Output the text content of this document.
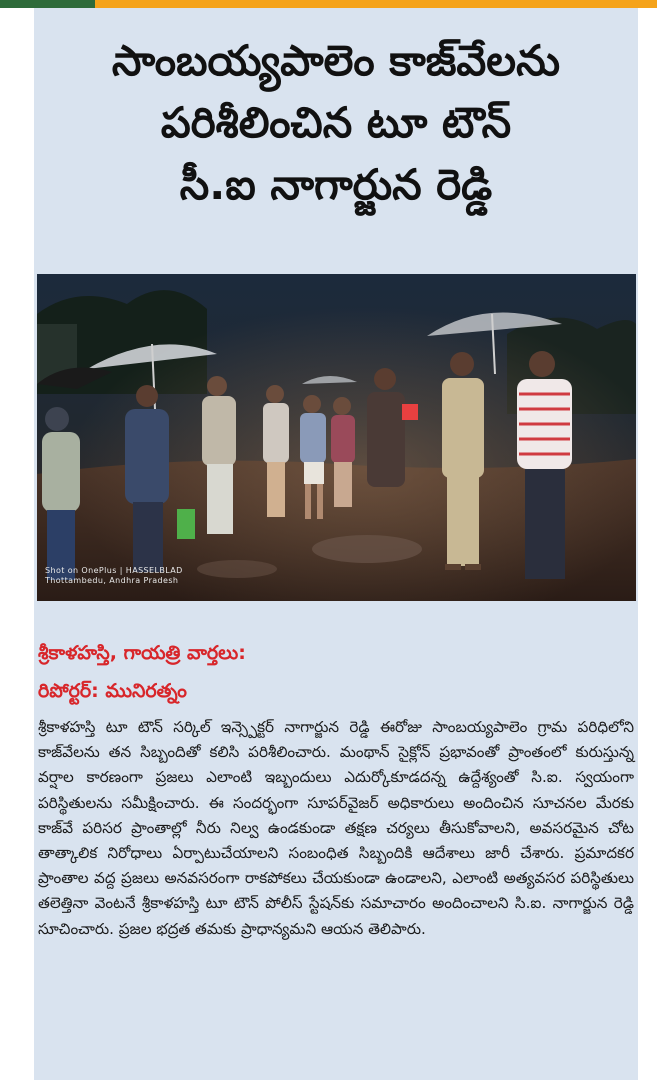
సాంబయ్యపాలెం కాజ్‌వేలను
పరిశీలించిన టూ టౌన్
సీ.ఐ నాగార్జున రెడ్డి
Shot on OnePlus | HASSELBLAD
Thottambedu, Andhra Pradesh
శ్రీకాళహస్తి, గాయత్రి వార్తలు:
రిపోర్టర్: మునిరత్నం

శ్రీకాళహస్తి టూ టౌన్ సర్కిల్ ఇన్స్పెక్టర్ నాగార్జున రెడ్డి ఈరోజు సాంబయ్యపాలెం గ్రామ పరిధిలోని కాజ్‌వేలను తన సిబ్బందితో కలిసి పరిశీలించారు. మంథాన్ సైక్లోన్ ప్రభావంతో ప్రాంతంలో కురుస్తున్న వర్షాల కారణంగా ప్రజలు ఎలాంటి ఇబ్బందులు ఎదుర్కోకూడదన్న ఉద్దేశ్యంతో సి.ఐ. స్వయంగా పరిస్థితులను సమీక్షించారు. ఈ సందర్భంగా సూపర్‌వైజర్ అధికారులు అందించిన సూచనల మేరకు కాజ్‌వే పరిసర ప్రాంతాల్లో నీరు నిల్వ ఉండకుండా తక్షణ చర్యలు తీసుకోవాలని, అవసరమైన చోట తాత్కాలిక నిరోధాలు ఏర్పాటుచేయాలని సంబంధిత సిబ్బందికి ఆదేశాలు జారీ చేశారు. ప్రమాదకర ప్రాంతాల వద్ద ప్రజలు అనవసరంగా రాకపోకలు చేయకుండా ఉండాలని, ఎలాంటి అత్యవసర పరిస్థితులు తలెత్తినా వెంటనే శ్రీకాళహస్తి టూ టౌన్ పోలీస్ స్టేషన్‌కు సమాచారం అందించాలని సి.ఐ. నాగార్జున రెడ్డి సూచించారు. ప్రజల భద్రత తమకు ప్రాధాన్యమని ఆయన తెలిపారు.
